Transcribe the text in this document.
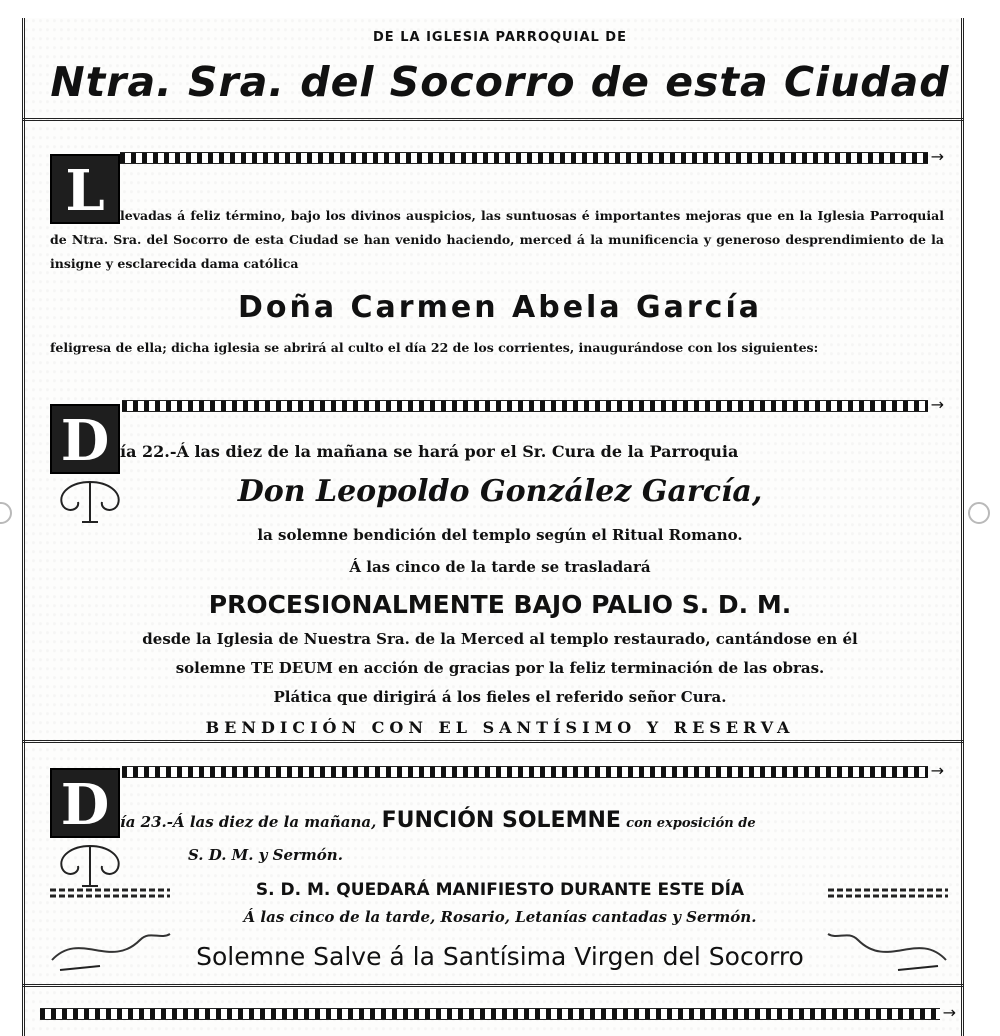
DE LA IGLESIA PARROQUIAL DE
Ntra. Sra. del Socorro de esta Ciudad
→
L	levadas á feliz término, bajo los divinos auspicios, las suntuosas é importantes mejoras que en la Iglesia Parroquial de Ntra. Sra. del Socorro de esta Ciudad se han venido haciendo, merced á la munificencia y generoso desprendimiento de la insigne y esclarecida dama católica
Doña Carmen Abela García
feligresa de ella; dicha iglesia se abrirá al culto el día 22 de los corrientes, inaugurándose con los siguientes:
→
D ía 22.-Á las diez de la mañana se hará por el Sr. Cura de la Parroquia
Don Leopoldo González García,
la solemne bendición del templo según el Ritual Romano.
Á las cinco de la tarde se trasladará
PROCESIONALMENTE BAJO PALIO S. D. M.
desde la Iglesia de Nuestra Sra. de la Merced al templo restaurado, cantándose en él
solemne TE DEUM en acción de gracias por la feliz terminación de las obras.
Plática que dirigirá á los fieles el referido señor Cura.
BENDICIÓN CON EL SANTÍSIMO Y RESERVA
→
D ía 23.-Á las diez de la mañana, FUNCIÓN SOLEMNE con exposición de
S. D. M. y Sermón.
S. D. M. QUEDARÁ MANIFIESTO DURANTE ESTE DÍA
Á las cinco de la tarde, Rosario, Letanías cantadas y Sermón.
Solemne Salve á la Santísima Virgen del Socorro
→
